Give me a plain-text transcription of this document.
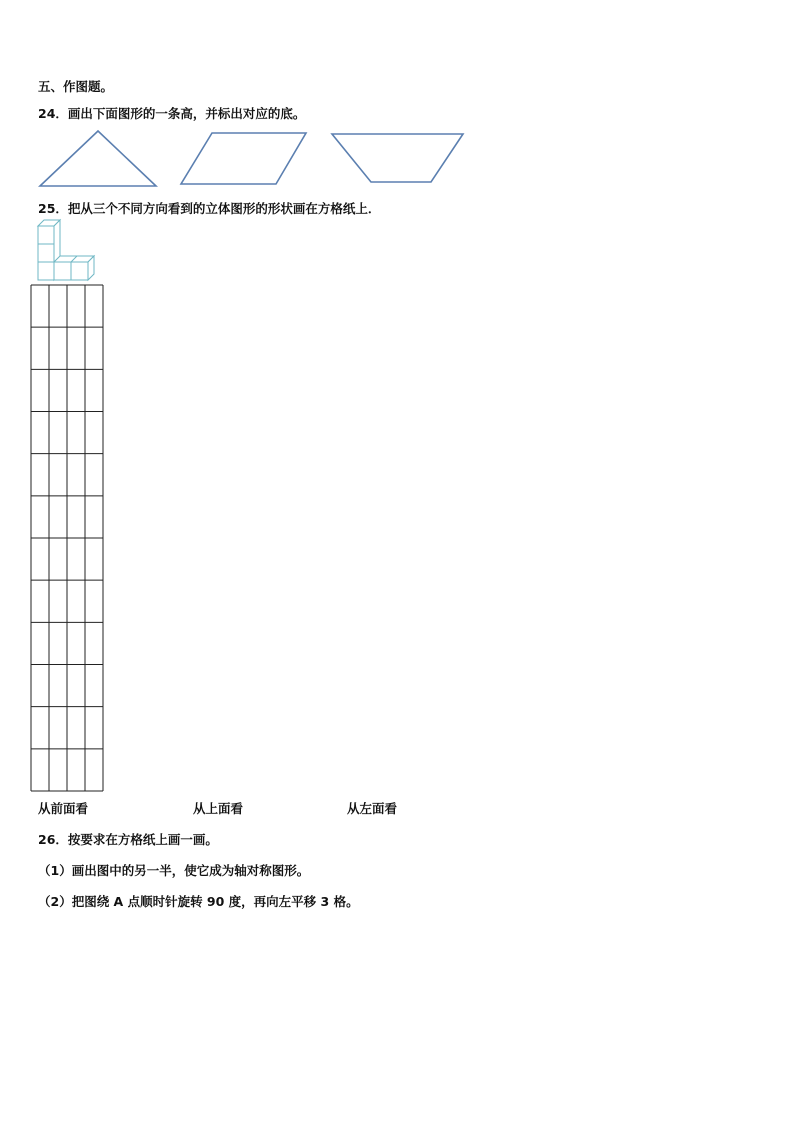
五、作图题。
24．画出下面图形的一条高，并标出对应的底。
25．把从三个不同方向看到的立体图形的形状画在方格纸上．
从前面看	从上面看	从左面看
26．按要求在方格纸上画一画。
（1）画出图中的另一半，使它成为轴对称图形。
（2）把图绕 A 点顺时针旋转 90 度，再向左平移 3 格。
